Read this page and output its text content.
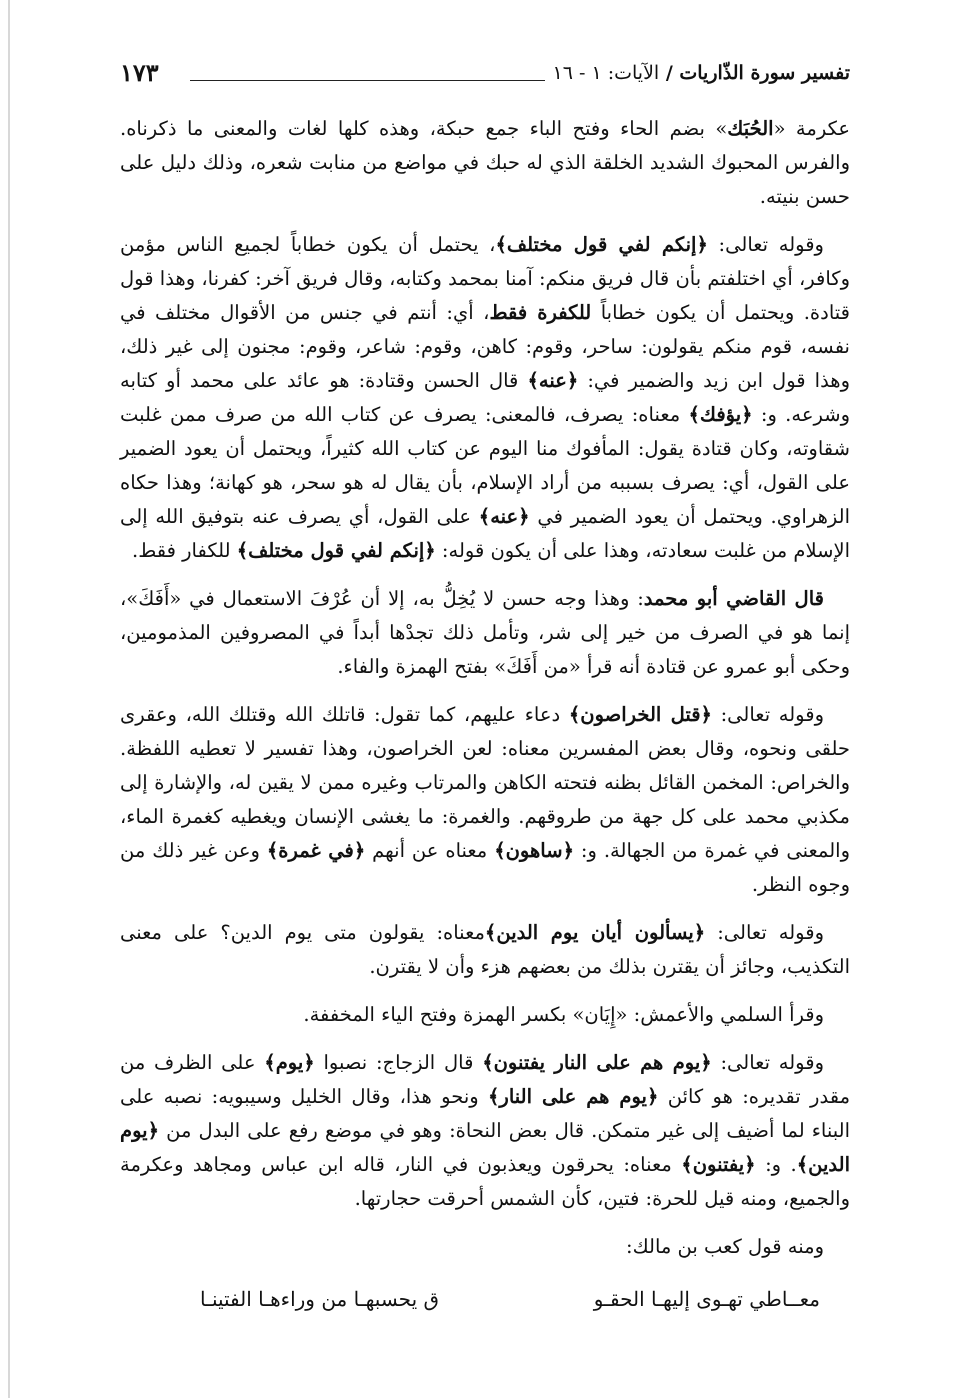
تفسير سورة الذّاريات / الآيات: ١ - ١٦
١٧٣

عكرمة «الحُبَك» بضم الحاء وفتح الباء جمع حبكة، وهذه كلها لغات والمعنى ما ذكرناه. والفرس المحبوك الشديد الخلقة الذي له حبك في مواضع من منابت شعره، وذلك دليل على حسن بنيته.

وقوله تعالى: ﴿إنكم لفي قول مختلف﴾، يحتمل أن يكون خطاباً لجميع الناس مؤمن وكافر، أي اختلفتم بأن قال فريق منكم: آمنا بمحمد وكتابه، وقال فريق آخر: كفرنا، وهذا قول قتادة. ويحتمل أن يكون خطاباً للكفرة فقط، أي: أنتم في جنس من الأقوال مختلف في نفسه، قوم منكم يقولون: ساحر، وقوم: كاهن، وقوم: شاعر، وقوم: مجنون إلى غير ذلك، وهذا قول ابن زيد والضمير في: ﴿عنه﴾ قال الحسن وقتادة: هو عائد على محمد أو كتابه وشرعه. و: ﴿يؤفك﴾ معناه: يصرف، فالمعنى: يصرف عن كتاب الله من صرف ممن غلبت شقاوته، وكان قتادة يقول: المأفوك منا اليوم عن كتاب الله كثيراً، ويحتمل أن يعود الضمير على القول، أي: يصرف بسببه من أراد الإسلام، بأن يقال له هو سحر، هو كهانة؛ وهذا حكاه الزهراوي. ويحتمل أن يعود الضمير في ﴿عنه﴾ على القول، أي يصرف عنه بتوفيق الله إلى الإسلام من غلبت سعادته، وهذا على أن يكون قوله: ﴿إنكم لفي قول مختلف﴾ للكفار فقط.

قال القاضي أبو محمد: وهذا وجه حسن لا يُخِلُّ به، إلا أن عُرْفَ الاستعمال في «أَفَكَ»، إنما هو في الصرف من خير إلى شر، وتأمل ذلك تجدْها أبداً في المصروفين المذمومين، وحكى أبو عمرو عن قتادة أنه قرأ «من أَفَكَ» بفتح الهمزة والفاء.

وقوله تعالى: ﴿قتل الخراصون﴾ دعاء عليهم، كما تقول: قاتلك الله وقتلك الله، وعقرى حلقى ونحوه، وقال بعض المفسرين معناه: لعن الخراصون، وهذا تفسير لا تعطيه اللفظة. والخراص: المخمن القائل بظنه فتحته الكاهن والمرتاب وغيره ممن لا يقين له، والإشارة إلى مكذبي محمد على كل جهة من طروقهم. والغمرة: ما يغشى الإنسان ويغطيه كغمرة الماء، والمعنى في غمرة من الجهالة. و: ﴿ساهون﴾ معناه عن أنهم ﴿في غمرة﴾ وعن غير ذلك من وجوه النظر.

وقوله تعالى: ﴿يسألون أيان يوم الدين﴾معناه: يقولون متى يوم الدين؟ على معنى التكذيب، وجائز أن يقترن بذلك من بعضهم هزء وأن لا يقترن.

وقرأ السلمي والأعمش: «إِيَان» بكسر الهمزة وفتح الياء المخففة.

وقوله تعالى: ﴿يوم هم على النار يفتنون﴾ قال الزجاج: نصبوا ﴿يوم﴾ على الظرف من مقدر تقديره: هو كائن ﴿يوم هم على النار﴾ ونحو هذا، وقال الخليل وسيبويه: نصبه على البناء لما أضيف إلى غير متمكن. قال بعض النحاة: وهو في موضع رفع على البدل من ﴿يوم الدين﴾. و: ﴿يفتنون﴾ معناه: يحرقون ويعذبون في النار، قاله ابن عباس ومجاهد وعكرمة والجميع، ومنه قيل للحرة: فتين، كأن الشمس أحرقت حجارتها.

ومنه قول كعب بن مالك:

معــاطي تهـوى إليهـا الحقـو
ق يحسبهـا من وراءهـا الفتينـا
